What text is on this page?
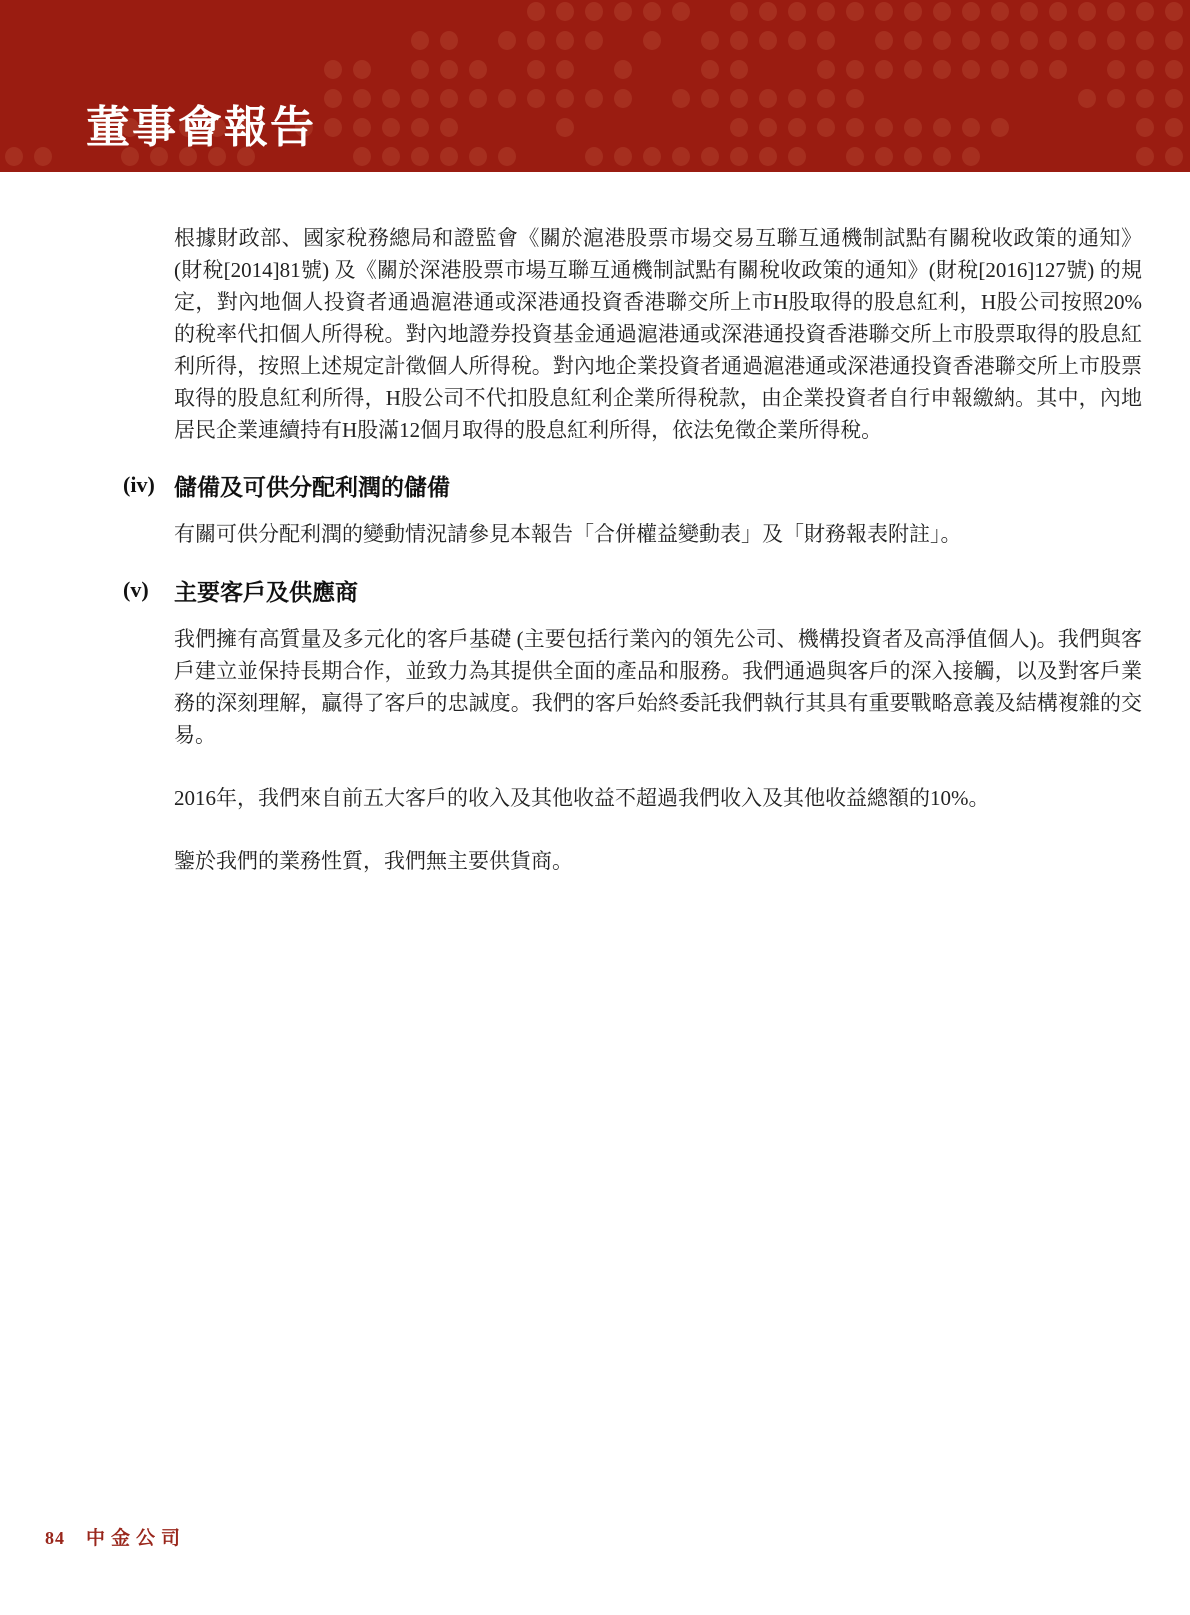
董事會報告

根據財政部、國家稅務總局和證監會《關於滬港股票市場交易互聯互通機制試點有關稅收政策的通知》(財稅[2014]81號) 及《關於深港股票市場互聯互通機制試點有關稅收政策的通知》(財稅[2016]127號) 的規定，對內地個人投資者通過滬港通或深港通投資香港聯交所上市H股取得的股息紅利，H股公司按照20%的稅率代扣個人所得稅。對內地證券投資基金通過滬港通或深港通投資香港聯交所上市股票取得的股息紅利所得，按照上述規定計徵個人所得稅。對內地企業投資者通過滬港通或深港通投資香港聯交所上市股票取得的股息紅利所得，H股公司不代扣股息紅利企業所得稅款，由企業投資者自行申報繳納。其中，內地居民企業連續持有H股滿12個月取得的股息紅利所得，依法免徵企業所得稅。

(iv) 儲備及可供分配利潤的儲備

有關可供分配利潤的變動情況請參見本報告「合併權益變動表」及「財務報表附註」。

(v) 主要客戶及供應商

我們擁有高質量及多元化的客戶基礎 (主要包括行業內的領先公司、機構投資者及高淨值個人)。我們與客戶建立並保持長期合作，並致力為其提供全面的產品和服務。我們通過與客戶的深入接觸，以及對客戶業務的深刻理解，贏得了客戶的忠誠度。我們的客戶始終委託我們執行其具有重要戰略意義及結構複雜的交易。

2016年，我們來自前五大客戶的收入及其他收益不超過我們收入及其他收益總額的10%。

鑒於我們的業務性質，我們無主要供貨商。

84 中金公司
